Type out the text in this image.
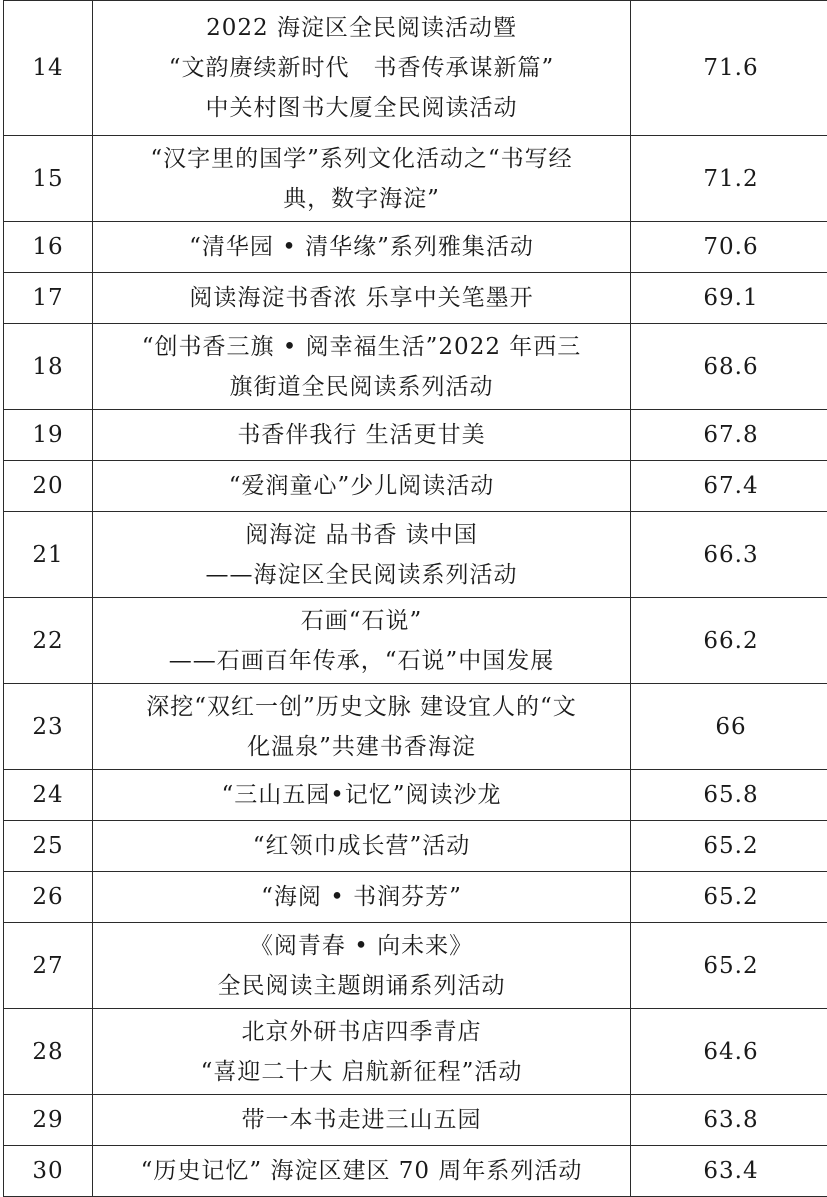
14	2022 海淀区全民阅读活动暨
“文韵赓续新时代　书香传承谋新篇”
中关村图书大厦全民阅读活动	71.6
15	“汉字里的国学”系列文化活动之“书写经
典，数字海淀”	71.2
16	“清华园 • 清华缘”系列雅集活动	70.6
17	阅读海淀书香浓 乐享中关笔墨开	69.1
18	“创书香三旗 • 阅幸福生活”2022 年西三
旗街道全民阅读系列活动	68.6
19	书香伴我行 生活更甘美	67.8
20	“爱润童心”少儿阅读活动	67.4
21	阅海淀 品书香 读中国
——海淀区全民阅读系列活动	66.3
22	石画“石说”
——石画百年传承，“石说”中国发展	66.2
23	深挖“双红一创”历史文脉 建设宜人的“文
化温泉”共建书香海淀	66
24	“三山五园•记忆”阅读沙龙	65.8
25	“红领巾成长营”活动	65.2
26	“海阅 • 书润芬芳”	65.2
27	《阅青春 • 向未来》
全民阅读主题朗诵系列活动	65.2
28	北京外研书店四季青店
“喜迎二十大 启航新征程”活动	64.6
29	带一本书走进三山五园	63.8
30	“历史记忆” 海淀区建区 70 周年系列活动	63.4
